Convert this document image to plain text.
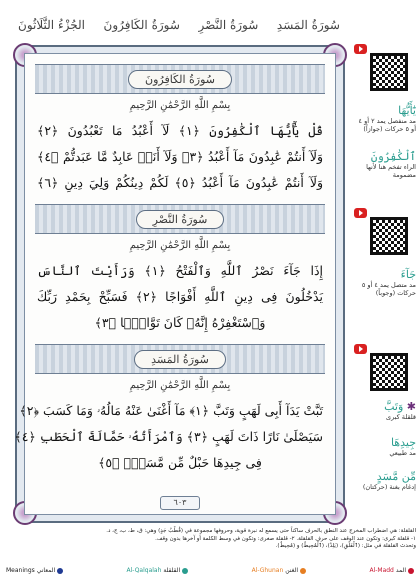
سُورَةُ المَسَدِ
سُورَةُ النَّصْرِ
سُورَةُ الكَافِرُونَ
الجُزْءُ الثَّلَاثُونَ
سُورَةُ الكَافِرُونَ
بِسْمِ اللَّهِ الرَّحْمَٰنِ الرَّحِيمِ
قُلْ يَٰٓأَيُّهَا ٱلْكَٰفِرُونَ ﴿١﴾ لَآ أَعْبُدُ مَا تَعْبُدُونَ ﴿٢﴾
وَلَآ أَنتُمْ عَٰبِدُونَ مَآ أَعْبُدُ ﴿٣﴾ وَلَآ أَنَا۠ عَابِدٌ مَّا عَبَدتُّمْ ﴿٤﴾
وَلَآ أَنتُمْ عَٰبِدُونَ مَآ أَعْبُدُ ﴿٥﴾ لَكُمْ دِينُكُمْ وَلِيَ دِينِ ﴿٦﴾
سُورَةُ النَّصْرِ
بِسْمِ اللَّهِ الرَّحْمَٰنِ الرَّحِيمِ
إِذَا جَآءَ نَصْرُ ٱللَّهِ وَٱلْفَتْحُ ﴿١﴾ وَرَأَيْتَ ٱلنَّاسَ
يَدْخُلُونَ فِى دِينِ ٱللَّهِ أَفْوَاجًا ﴿٢﴾ فَسَبِّحْ بِحَمْدِ رَبِّكَ
وَٱسْتَغْفِرْهُ إِنَّهُۥ كَانَ تَوَّابًۢا ﴿٣﴾
سُورَةُ المَسَدِ
بِسْمِ اللَّهِ الرَّحْمَٰنِ الرَّحِيمِ
تَبَّتْ يَدَآ أَبِى لَهَبٍ وَتَبَّ ﴿١﴾ مَآ أَغْنَىٰ عَنْهُ مَالُهُۥ وَمَا كَسَبَ ﴿٢﴾
سَيَصْلَىٰ نَارًا ذَاتَ لَهَبٍ ﴿٣﴾ وَٱمْرَأَتُهُۥ حَمَّالَةَ ٱلْحَطَبِ ﴿٤﴾
فِى جِيدِهَا حَبْلٌ مِّن مَّسَدٍۭ ﴿٥﴾
٦٠٣
يَٰٓأَيُّهَا
مد منفصل يمد ٢ أو ٤ أو ٥ حركات (جوازاً)
ٱلْكَٰفِرُونَ
الراء تفخم هنا لأنها مضمومة
جَآءَ
مد متصل يمد ٤ أو ٥ حركات (وجوباً)
✱ وَتَبَّ
قلقلة كبرى
جِيدِهَا
مد طبيعي
مِّن مَّسَدٍ
إدغام بغنة (حركتان)
القلقلة: هي اضطراب المخرج عند النطق بالحرف ساكناً حتى يسمع له نبرة قوية، وحروفها مجموعة في (قُطْبُ جَدٍ) وهي: ق، ط، ب، ج، د.
١- قلقلة كبرى: وتكون عند الوقف على حرف القلقلة. ٢- قلقلة صغرى: وتكون في وسط الكلمة أو آخرها بدون وقف.
وتحدث القلقلة في مثل: (ٱلْفَلَقِ)، (يَلِدْ)، (ٱلْمُحِيطُ) و (مُحِيطٌ).
Meanings المعاني	Al-Qalqalah القلقلة	Al-Ghunan الغنن	Al-Madd المد
